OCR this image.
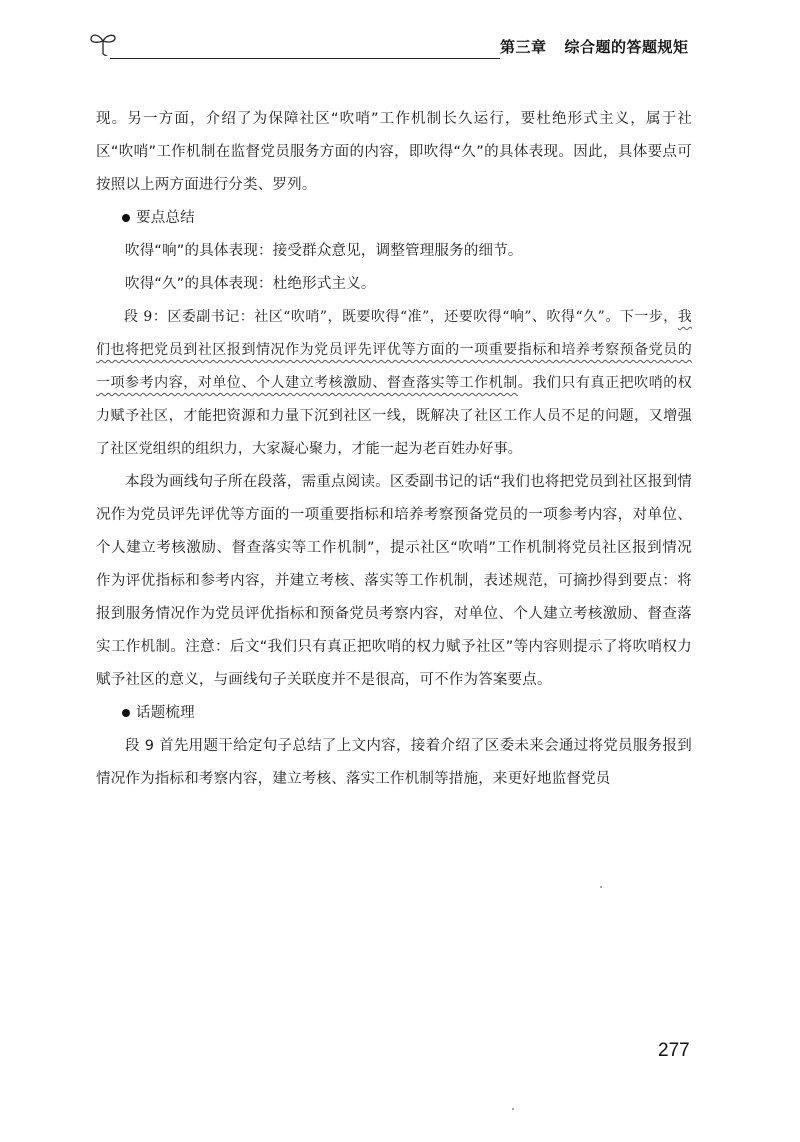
第三章 综合题的答题规矩

现。另一方面，介绍了为保障社区“吹哨”工作机制长久运行，要杜绝形式主义，属于社区“吹哨”工作机制在监督党员服务方面的内容，即吹得“久”的具体表现。因此，具体要点可按照以上两方面进行分类、罗列。

要点总结

吹得“响”的具体表现：接受群众意见，调整管理服务的细节。

吹得“久”的具体表现：杜绝形式主义。

段 9：区委副书记：社区“吹哨”，既要吹得“准”，还要吹得“响”、吹得“久”。下一步，我们也将把党员到社区报到情况作为党员评先评优等方面的一项重要指标和培养考察预备党员的一项参考内容，对单位、个人建立考核激励、督查落实等工作机制。我们只有真正把吹哨的权力赋予社区，才能把资源和力量下沉到社区一线，既解决了社区工作人员不足的问题，又增强了社区党组织的组织力，大家凝心聚力，才能一起为老百姓办好事。

本段为画线句子所在段落，需重点阅读。区委副书记的话“我们也将把党员到社区报到情况作为党员评先评优等方面的一项重要指标和培养考察预备党员的一项参考内容，对单位、个人建立考核激励、督查落实等工作机制”，提示社区“吹哨”工作机制将党员社区报到情况作为评优指标和参考内容，并建立考核、落实等工作机制，表述规范，可摘抄得到要点：将报到服务情况作为党员评优指标和预备党员考察内容，对单位、个人建立考核激励、督查落实工作机制。注意：后文“我们只有真正把吹哨的权力赋予社区”等内容则提示了将吹哨权力赋予社区的意义，与画线句子关联度并不是很高，可不作为答案要点。

话题梳理

段 9 首先用题干给定句子总结了上文内容，接着介绍了区委未来会通过将党员服务报到情况作为指标和考察内容，建立考核、落实工作机制等措施，来更好地监督党员

277
